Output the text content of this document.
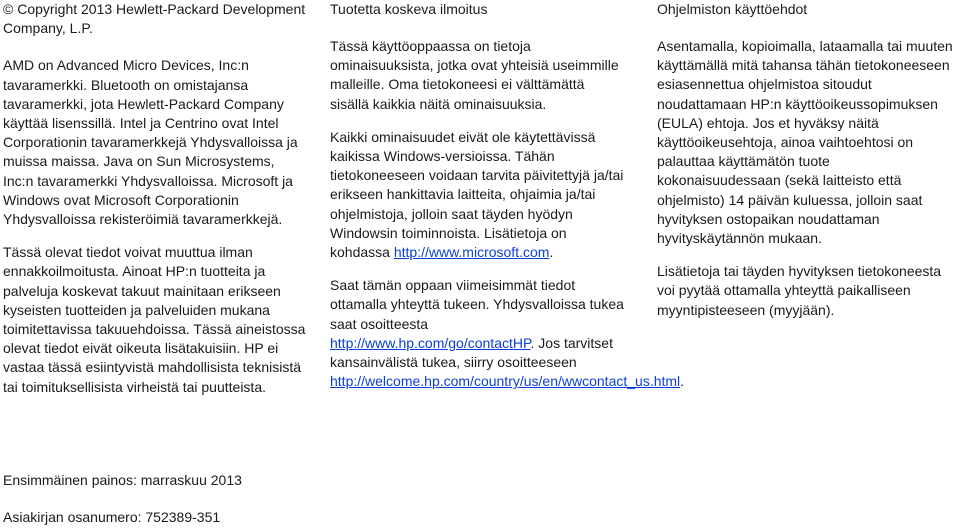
© Copyright 2013 Hewlett-Packard Development Company, L.P.

AMD on Advanced Micro Devices, Inc:n tavaramerkki. Bluetooth on omistajansa tavaramerkki, jota Hewlett-Packard Company käyttää lisenssillä. Intel ja Centrino ovat Intel Corporationin tavaramerkkejä Yhdysvalloissa ja muissa maissa. Java on Sun Microsystems, Inc:n tavaramerkki Yhdysvalloissa. Microsoft ja Windows ovat Microsoft Corporationin Yhdysvalloissa rekisteröimiä tavaramerkkejä.

Tässä olevat tiedot voivat muuttua ilman ennakkoilmoitusta. Ainoat HP:n tuotteita ja palveluja koskevat takuut mainitaan erikseen kyseisten tuotteiden ja palveluiden mukana toimitettavissa takuuehdoissa. Tässä aineistossa olevat tiedot eivät oikeuta lisätakuisiin. HP ei vastaa tässä esiintyvistä mahdollisista teknisistä tai toimituksellisista virheistä tai puutteista.

Tuotetta koskeva ilmoitus

Tässä käyttöoppaassa on tietoja ominaisuuksista, jotka ovat yhteisiä useimmille malleille. Oma tietokoneesi ei välttämättä sisällä kaikkia näitä ominaisuuksia.

Kaikki ominaisuudet eivät ole käytettävissä kaikissa Windows-versioissa. Tähän tietokoneeseen voidaan tarvita päivitettyjä ja/tai erikseen hankittavia laitteita, ohjaimia ja/tai ohjelmistoja, jolloin saat täyden hyödyn Windowsin toiminnoista. Lisätietoja on kohdassa http://www.microsoft.com.

Saat tämän oppaan viimeisimmät tiedot ottamalla yhteyttä tukeen. Yhdysvalloissa tukea saat osoitteesta http://www.hp.com/go/contactHP. Jos tarvitset kansainvälistä tukea, siirry osoitteeseen http://welcome.hp.com/country/us/en/wwcontact_us.html.

Ohjelmiston käyttöehdot

Asentamalla, kopioimalla, lataamalla tai muuten käyttämällä mitä tahansa tähän tietokoneeseen esiasennettua ohjelmistoa sitoudut noudattamaan HP:n käyttöoikeussopimuksen (EULA) ehtoja. Jos et hyväksy näitä käyttöoikeusehtoja, ainoa vaihtoehtosi on palauttaa käyttämätön tuote kokonaisuudessaan (sekä laitteisto että ohjelmisto) 14 päivän kuluessa, jolloin saat hyvityksen ostopaikan noudattaman hyvityskäytännön mukaan.

Lisätietoja tai täyden hyvityksen tietokoneesta voi pyytää ottamalla yhteyttä paikalliseen myyntipisteeseen (myyjään).

Ensimmäinen painos: marraskuu 2013
Asiakirjan osanumero: 752389-351
